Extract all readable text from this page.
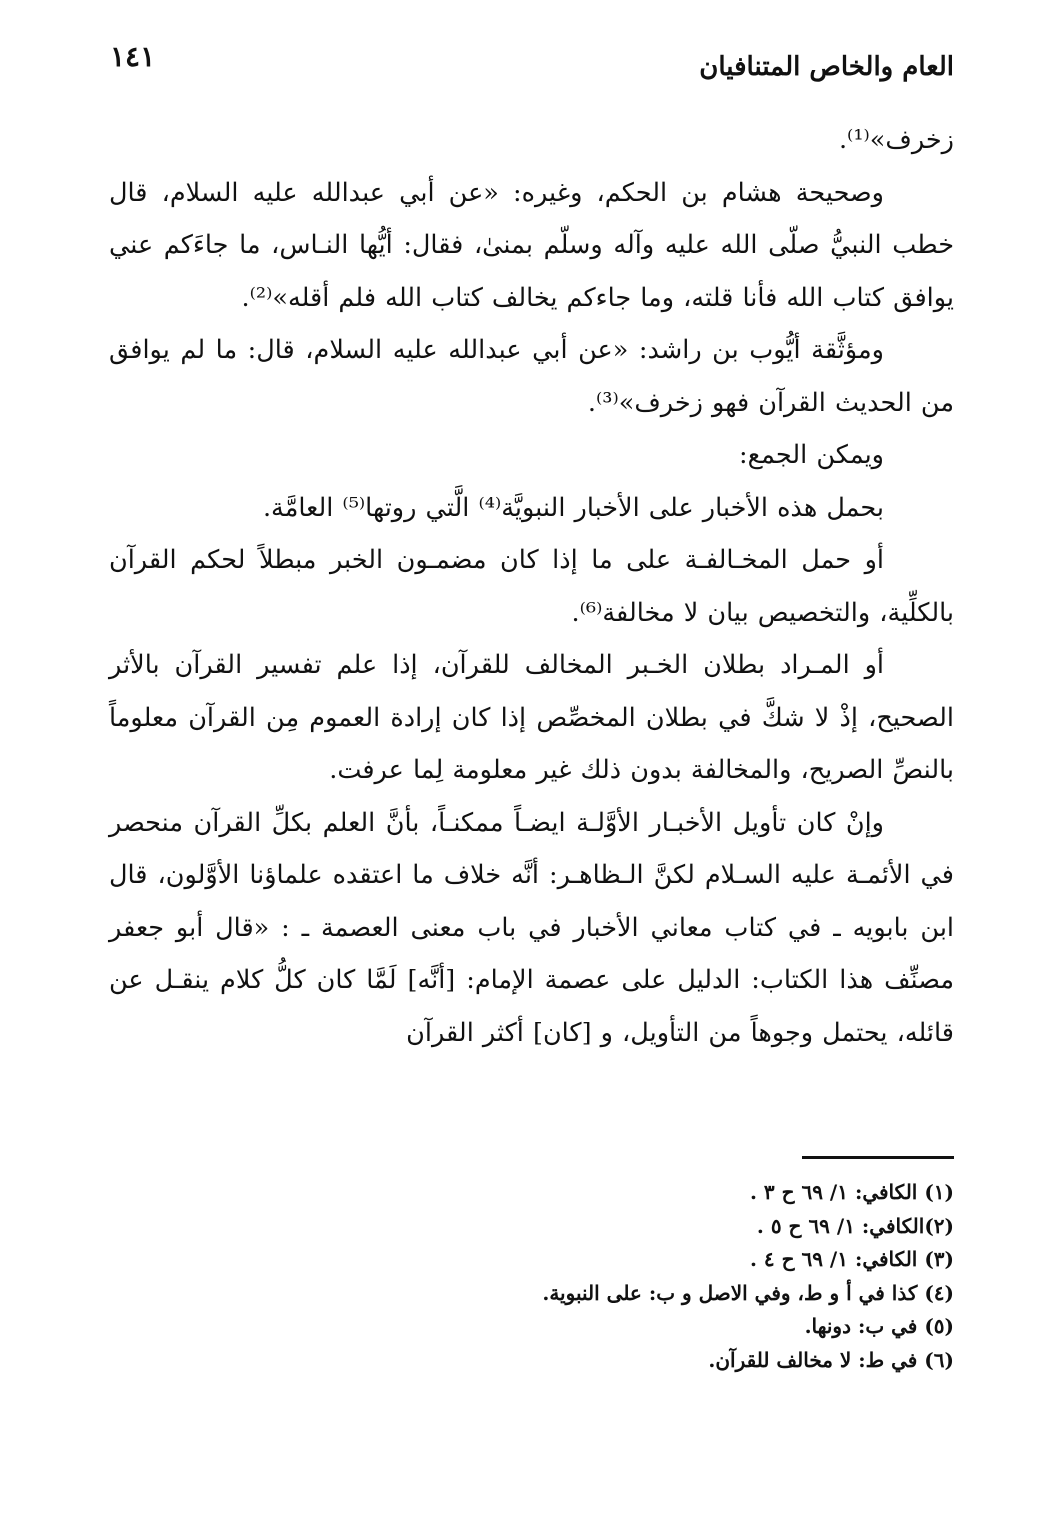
العام والخاص المتنافيان
١٤١

زخرف»⁽¹⁾.

وصحيحة هشام بن الحكم، وغيره: «عن أبي عبدالله عليه السلام، قال خطب النبيُّ صلّى الله عليه وآله وسلّم بمنىٰ، فقال: أيُّها النـاس، ما جاءَكم عني يوافق كتاب الله فأنا قلته، وما جاءكم يخالف كتاب الله فلم أقله»⁽²⁾.

ومؤثَّقة أيُّوب بن راشد: «عن أبي عبدالله عليه السلام، قال: ما لم يوافق من الحديث القرآن فهو زخرف»⁽³⁾.

ويمكن الجمع:

بحمل هذه الأخبار على الأخبار النبويَّة⁽⁴⁾ الَّتي روتها⁽⁵⁾ العامَّة.

أو حمل المخـالفـة على ما إذا كان مضمـون الخبر مبطلاً لحكم القرآن بالكلِّية، والتخصيص بيان لا مخالفة⁽⁶⁾.

أو المـراد بطلان الخـبر المخالف للقرآن، إذا علم تفسير القرآن بالأثر الصحيح، إذْ لا شكَّ في بطلان المخصِّص إذا كان إرادة العموم مِن القرآن معلوماً بالنصِّ الصريح، والمخالفة بدون ذلك غير معلومة لِما عرفت.

وإنْ كان تأويل الأخبـار الأوَّلـة ايضـاً ممكنـاً، بأنَّ العلم بكلِّ القرآن منحصر في الأئمـة عليه السـلام لكنَّ الـظاهـر: أنَّه خلاف ما اعتقده علماؤنا الأوَّلون، قال ابن بابويه ـ في كتاب معاني الأخبار في باب معنى العصمة ـ : «قال أبو جعفر مصنِّف هذا الكتاب: الدليل على عصمة الإمام: [أنَّه] لَمَّا كان كلُّ كلام ينقـل عن قائله، يحتمل وجوهاً من التأويل، و [كان] أكثر القرآن

(١) الكافي: ١/ ٦٩ ح ٣ .

(٢)الكافي: ١/ ٦٩ ح ٥ .

(٣) الكافي: ١/ ٦٩ ح ٤ .

(٤) كذا في أ و ط، وفي الاصل و ب: على النبوية.

(٥) في ب: دونها.

(٦) في ط: لا مخالف للقرآن.
